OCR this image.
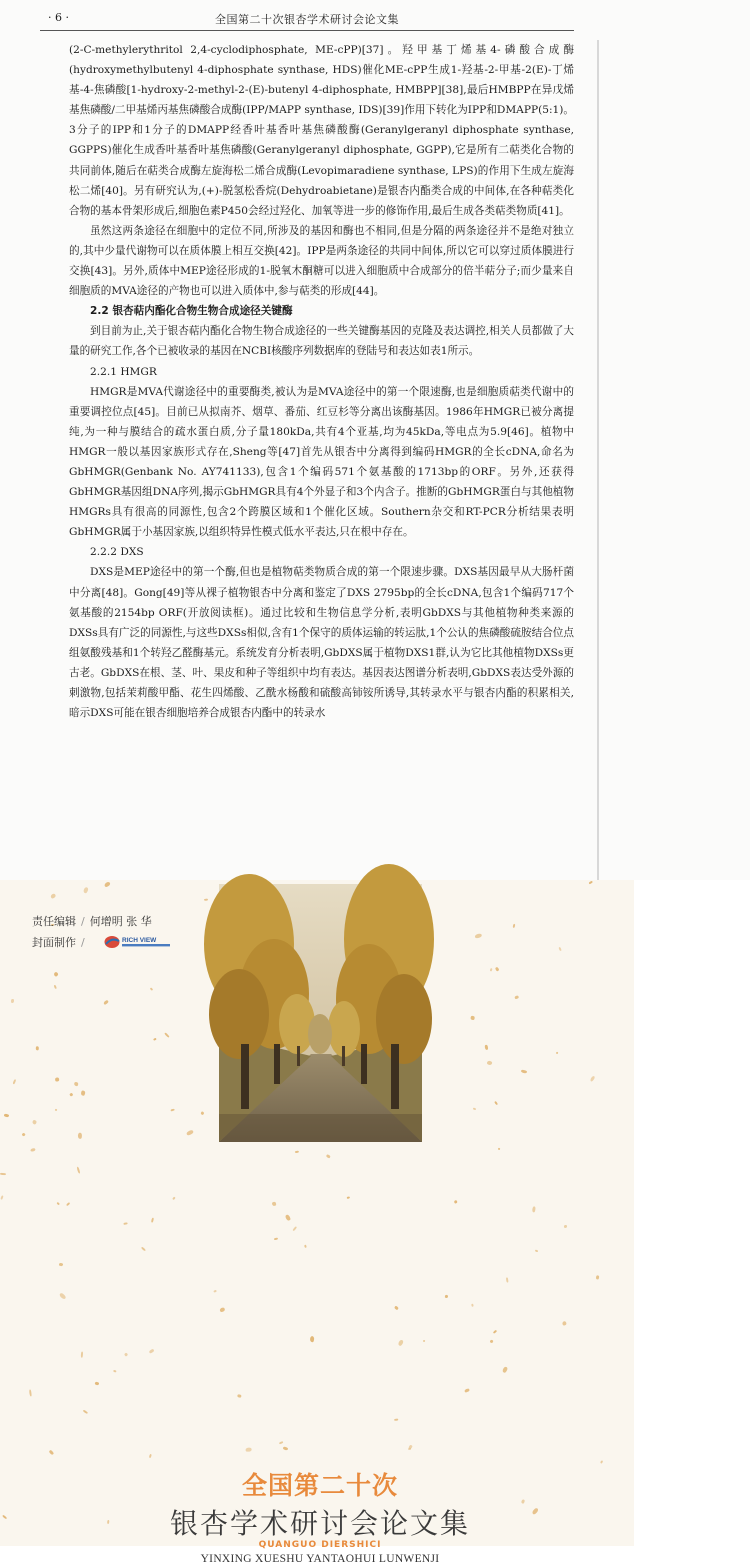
· 6 ·	全国第二十次银杏学术研讨会论文集

(2-C-methylerythritol 2,4-cyclodiphosphate, ME-cPP)[37]。羟甲基丁烯基4-磷酸合成酶(hydroxymethylbutenyl 4-diphosphate synthase, HDS)催化ME-cPP生成1-羟基-2-甲基-2(E)-丁烯基-4-焦磷酸[1-hydroxy-2-methyl-2-(E)-butenyl 4-diphosphate, HMBPP][38],最后HMBPP在异戊烯基焦磷酸/二甲基烯丙基焦磷酸合成酶(IPP/MAPP synthase, IDS)[39]作用下转化为IPP和DMAPP(5:1)。3分子的IPP和1分子的DMAPP经香叶基香叶基焦磷酸酶(Geranylgeranyl diphosphate synthase, GGPPS)催化生成香叶基香叶基焦磷酸(Geranylgeranyl diphosphate, GGPP),它是所有二萜类化合物的共同前体,随后在萜类合成酶左旋海松二烯合成酶(Levopimaradiene synthase, LPS)的作用下生成左旋海松二烯[40]。另有研究认为,(+)-脱氢松香烷(Dehydroabietane)是银杏内酯类合成的中间体,在各种萜类化合物的基本骨架形成后,细胞色素P450会经过羟化、加氧等进一步的修饰作用,最后生成各类萜类物质[41]。

虽然这两条途径在细胞中的定位不同,所涉及的基因和酶也不相同,但是分隔的两条途径并不是绝对独立的,其中少量代谢物可以在质体膜上相互交换[42]。IPP是两条途径的共同中间体,所以它可以穿过质体膜进行交换[43]。另外,质体中MEP途径形成的1-脱氧木酮糖可以进入细胞质中合成部分的倍半萜分子;而少量来自细胞质的MVA途径的产物也可以进入质体中,参与萜类的形成[44]。

2.2 银杏萜内酯化合物生物合成途径关键酶

到目前为止,关于银杏萜内酯化合物生物合成途径的一些关键酶基因的克隆及表达调控,相关人员都做了大量的研究工作,各个已被收录的基因在NCBI核酸序列数据库的登陆号和表达如表1所示。

2.2.1 HMGR

HMGR是MVA代谢途径中的重要酶类,被认为是MVA途径中的第一个限速酶,也是细胞质萜类代谢中的重要调控位点[45]。目前已从拟南芥、烟草、番茄、红豆杉等分离出该酶基因。1986年HMGR已被分离提纯,为一种与膜结合的疏水蛋白质,分子量180kDa,共有4个亚基,均为45kDa,等电点为5.9[46]。植物中HMGR一般以基因家族形式存在,Sheng等[47]首先从银杏中分离得到编码HMGR的全长cDNA,命名为GbHMGR(Genbank No. AY741133),包含1个编码571个氨基酸的1713bp的ORF。另外,还获得GbHMGR基因组DNA序列,揭示GbHMGR具有4个外显子和3个内含子。推断的GbHMGR蛋白与其他植物HMGRs具有很高的同源性,包含2个跨膜区域和1个催化区域。Southern杂交和RT-PCR分析结果表明GbHMGR属于小基因家族,以组织特异性模式低水平表达,只在根中存在。

2.2.2 DXS

DXS是MEP途径中的第一个酶,但也是植物萜类物质合成的第一个限速步骤。DXS基因最早从大肠杆菌中分离[48]。Gong[49]等从裸子植物银杏中分离和鉴定了DXS 2795bp的全长cDNA,包含1个编码717个氨基酸的2154bp ORF(开放阅读框)。通过比较和生物信息学分析,表明GbDXS与其他植物种类来源的DXSs具有广泛的同源性,与这些DXSs相似,含有1个保守的质体运输的转运肽,1个公认的焦磷酸硫胺结合位点组氨酸残基和1个转羟乙醛酶基元。系统发育分析表明,GbDXS属于植物DXS1群,认为它比其他植物DXSs更古老。GbDXS在根、茎、叶、果皮和种子等组织中均有表达。基因表达图谱分析表明,GbDXS表达受外源的刺激物,包括茉莉酸甲酯、花生四烯酸、乙酰水杨酸和硫酸高铈铵所诱导,其转录水平与银杏内酯的积累相关,暗示DXS可能在银杏细胞培养合成银杏内酯中的转录水

责任编辑 / 何增明 张 华
封面制作 /	RICH VIEW
全国第二十次
银杏学术研讨会论文集
QUANGUO DIERSHICI
YINXING XUESHU YANTAOHUI LUNWENJI
